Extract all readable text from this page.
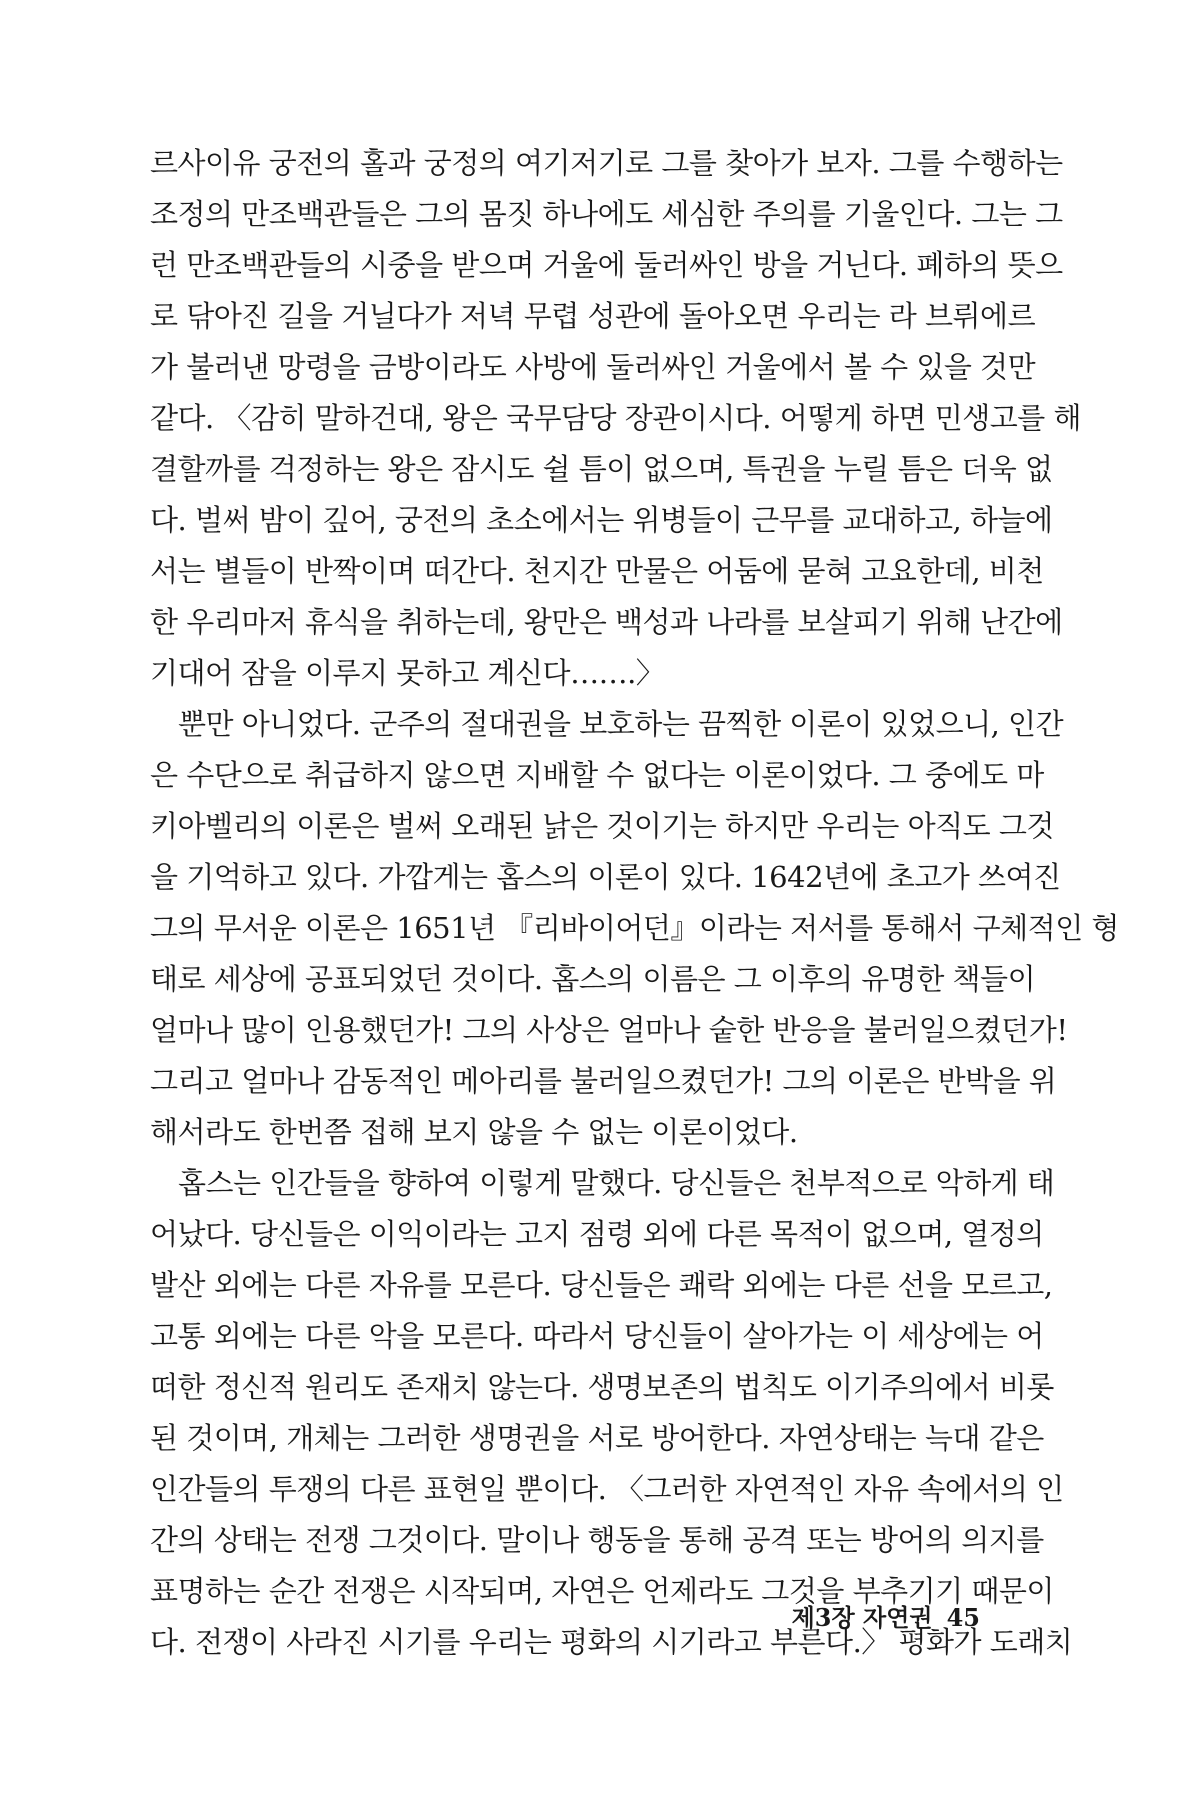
르사이유 궁전의 홀과 궁정의 여기저기로 그를 찾아가 보자. 그를 수행하는
조정의 만조백관들은 그의 몸짓 하나에도 세심한 주의를 기울인다. 그는 그
런 만조백관들의 시중을 받으며 거울에 둘러싸인 방을 거닌다. 폐하의 뜻으
로 닦아진 길을 거닐다가 저녁 무렵 성관에 돌아오면 우리는 라 브뤼에르
가 불러낸 망령을 금방이라도 사방에 둘러싸인 거울에서 볼 수 있을 것만
같다. 〈감히 말하건대, 왕은 국무담당 장관이시다. 어떻게 하면 민생고를 해
결할까를 걱정하는 왕은 잠시도 쉴 틈이 없으며, 특권을 누릴 틈은 더욱 없
다. 벌써 밤이 깊어, 궁전의 초소에서는 위병들이 근무를 교대하고, 하늘에
서는 별들이 반짝이며 떠간다. 천지간 만물은 어둠에 묻혀 고요한데, 비천
한 우리마저 휴식을 취하는데, 왕만은 백성과 나라를 보살피기 위해 난간에
기대어 잠을 이루지 못하고 계신다…….〉
뿐만 아니었다. 군주의 절대권을 보호하는 끔찍한 이론이 있었으니, 인간
은 수단으로 취급하지 않으면 지배할 수 없다는 이론이었다. 그 중에도 마
키아벨리의 이론은 벌써 오래된 낡은 것이기는 하지만 우리는 아직도 그것
을 기억하고 있다. 가깝게는 홉스의 이론이 있다. 1642년에 초고가 쓰여진
그의 무서운 이론은 1651년 『리바이어던』이라는 저서를 통해서 구체적인 형
태로 세상에 공표되었던 것이다. 홉스의 이름은 그 이후의 유명한 책들이
얼마나 많이 인용했던가! 그의 사상은 얼마나 숱한 반응을 불러일으켰던가!
그리고 얼마나 감동적인 메아리를 불러일으켰던가! 그의 이론은 반박을 위
해서라도 한번쯤 접해 보지 않을 수 없는 이론이었다.
홉스는 인간들을 향하여 이렇게 말했다. 당신들은 천부적으로 악하게 태
어났다. 당신들은 이익이라는 고지 점령 외에 다른 목적이 없으며, 열정의
발산 외에는 다른 자유를 모른다. 당신들은 쾌락 외에는 다른 선을 모르고,
고통 외에는 다른 악을 모른다. 따라서 당신들이 살아가는 이 세상에는 어
떠한 정신적 원리도 존재치 않는다. 생명보존의 법칙도 이기주의에서 비롯
된 것이며, 개체는 그러한 생명권을 서로 방어한다. 자연상태는 늑대 같은
인간들의 투쟁의 다른 표현일 뿐이다. 〈그러한 자연적인 자유 속에서의 인
간의 상태는 전쟁 그것이다. 말이나 행동을 통해 공격 또는 방어의 의지를
표명하는 순간 전쟁은 시작되며, 자연은 언제라도 그것을 부추기기 때문이
다. 전쟁이 사라진 시기를 우리는 평화의 시기라고 부른다.〉 평화가 도래치
제3장 자연권 45
